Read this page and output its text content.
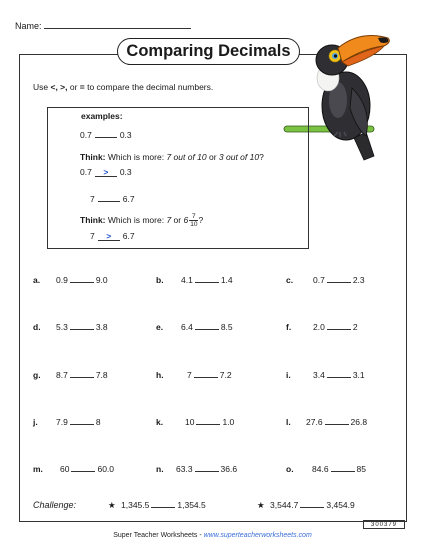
Name:
Comparing Decimals
Use <, >, or = to compare the decimal numbers.
examples:
0.7	0.3
Think: Which is more: 7 out of 10 or 3 out of 10?
0.7 > 0.3
7	6.7
Think: Which is more: 7 or $6 \frac{7}{10}$ ?
7 > 6.7
a. 0.9	9.0	b. 4.1	1.4	c. 0.7	2.3
d. 5.3	3.8	e. 6.4	8.5	f.	2.0	2
g. 8.7	7.8	h.	7	7.2	i.	3.4	3.1
j. 7.9	8	k.	10	1.0	l. 27.6	26.8
m. 60	60.0	n. 63.3	36.6	o. 84.6	85
Challenge:	★ 1,345.5	1,354.5	★ 3,544.7	3,454.9
300379
Super Teacher Worksheets - www.superteacherworksheets.com
